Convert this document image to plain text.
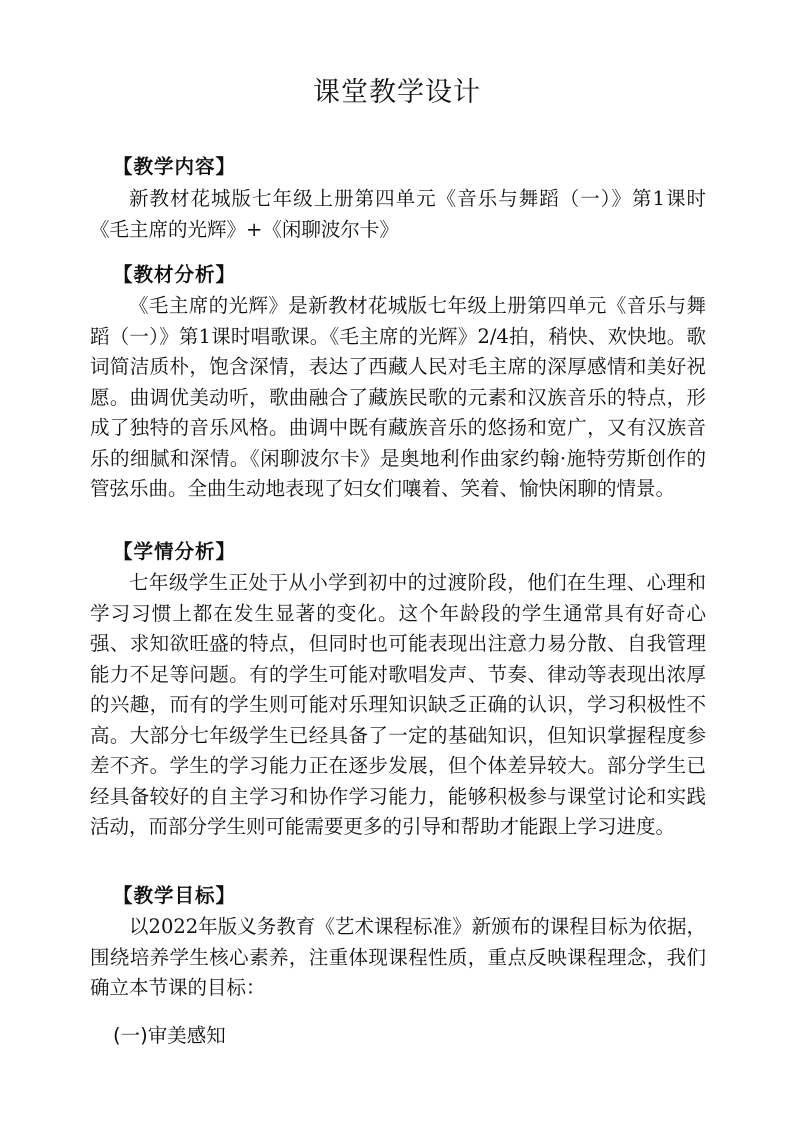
课堂教学设计
【教学内容】

新教材花城版七年级上册第四单元《音乐与舞蹈（一）》第1课时《毛主席的光辉》+《闲聊波尔卡》

【教材分析】

《毛主席的光辉》是新教材花城版七年级上册第四单元《音乐与舞蹈（一）》第1课时唱歌课。《毛主席的光辉》2/4拍，稍快、欢快地。歌词简洁质朴，饱含深情，表达了西藏人民对毛主席的深厚感情和美好祝愿。曲调优美动听，歌曲融合了藏族民歌的元素和汉族音乐的特点，形成了独特的音乐风格。曲调中既有藏族音乐的悠扬和宽广，又有汉族音乐的细腻和深情。《闲聊波尔卡》是奥地利作曲家约翰·施特劳斯创作的管弦乐曲。全曲生动地表现了妇女们嚷着、笑着、愉快闲聊的情景。

【学情分析】

七年级学生正处于从小学到初中的过渡阶段，他们在生理、心理和学习习惯上都在发生显著的变化。这个年龄段的学生通常具有好奇心强、求知欲旺盛的特点，但同时也可能表现出注意力易分散、自我管理能力不足等问题。有的学生可能对歌唱发声、节奏、律动等表现出浓厚的兴趣，而有的学生则可能对乐理知识缺乏正确的认识，学习积极性不高。大部分七年级学生已经具备了一定的基础知识，但知识掌握程度参差不齐。学生的学习能力正在逐步发展，但个体差异较大。部分学生已经具备较好的自主学习和协作学习能力，能够积极参与课堂讨论和实践活动，而部分学生则可能需要更多的引导和帮助才能跟上学习进度。

【教学目标】

以2022年版义务教育《艺术课程标准》新颁布的课程目标为依据，围绕培养学生核心素养，注重体现课程性质，重点反映课程理念，我们确立本节课的目标：

(一)审美感知
